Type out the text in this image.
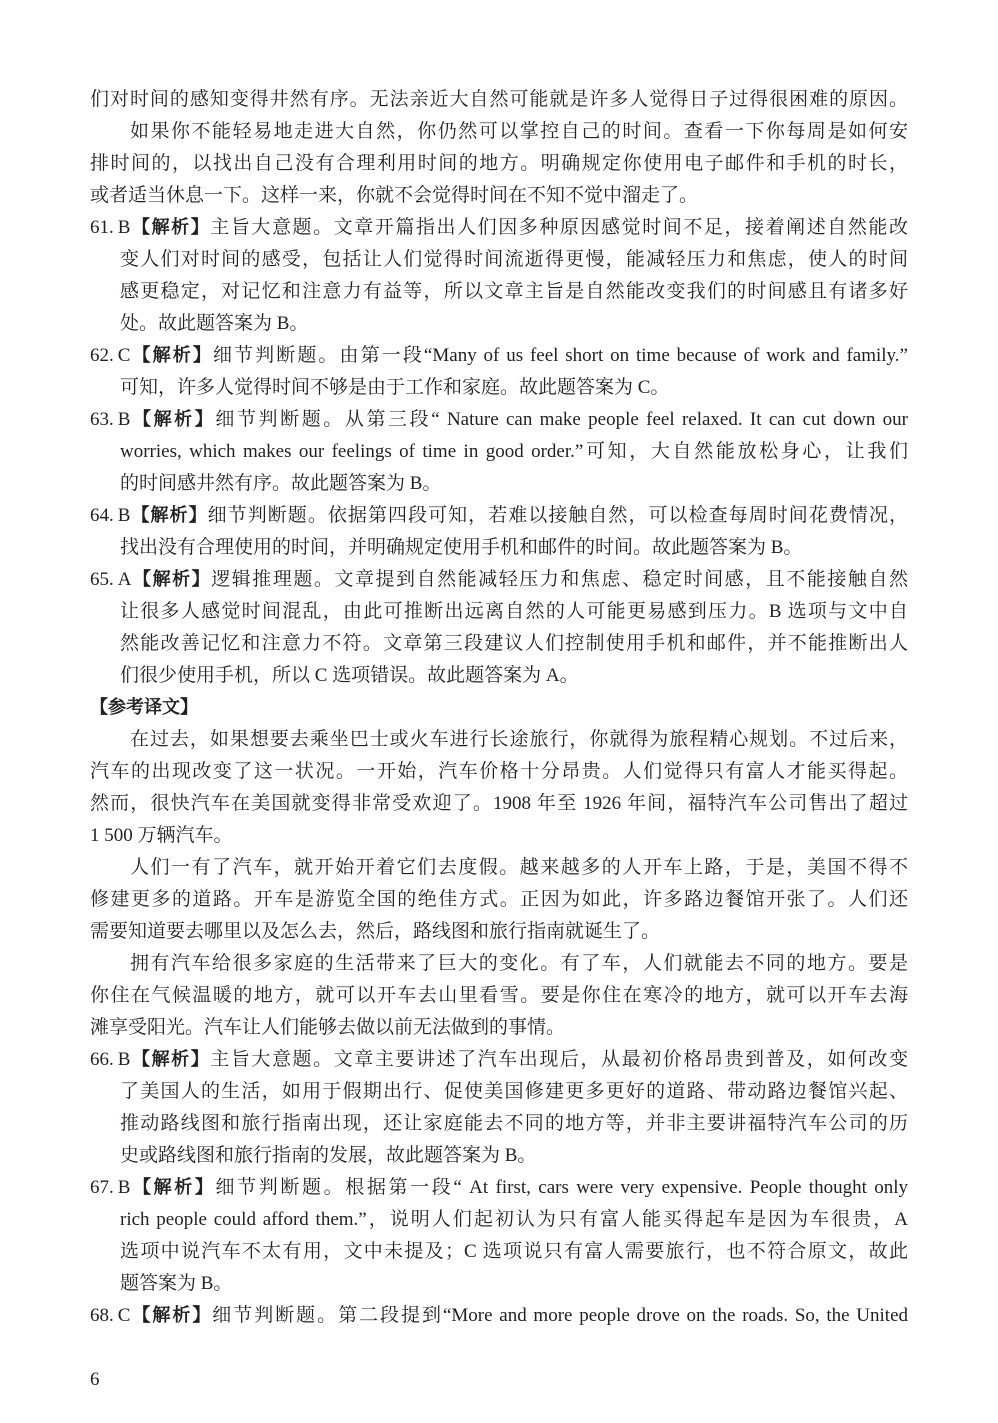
们对时间的感知变得井然有序。无法亲近大自然可能就是许多人觉得日子过得很困难的原因。
如果你不能轻易地走进大自然，你仍然可以掌控自己的时间。查看一下你每周是如何安
排时间的，以找出自己没有合理利用时间的地方。明确规定你使用电子邮件和手机的时长，
或者适当休息一下。这样一来，你就不会觉得时间在不知不觉中溜走了。
61. B【解析】主旨大意题。文章开篇指出人们因多种原因感觉时间不足，接着阐述自然能改
变人们对时间的感受，包括让人们觉得时间流逝得更慢，能减轻压力和焦虑，使人的时间
感更稳定，对记忆和注意力有益等，所以文章主旨是自然能改变我们的时间感且有诸多好
处。故此题答案为 B。
62. C【解析】细节判断题。由第一段“Many of us feel short on time because of work and family.”
可知，许多人觉得时间不够是由于工作和家庭。故此题答案为 C。
63. B【解析】细节判断题。从第三段“ Nature can make people feel relaxed. It can cut down our
worries, which makes our feelings of time in good order.”可知，大自然能放松身心，让我们
的时间感井然有序。故此题答案为 B。
64. B【解析】细节判断题。依据第四段可知，若难以接触自然，可以检查每周时间花费情况，
找出没有合理使用的时间，并明确规定使用手机和邮件的时间。故此题答案为 B。
65. A【解析】逻辑推理题。文章提到自然能减轻压力和焦虑、稳定时间感，且不能接触自然
让很多人感觉时间混乱，由此可推断出远离自然的人可能更易感到压力。B 选项与文中自
然能改善记忆和注意力不符。文章第三段建议人们控制使用手机和邮件，并不能推断出人
们很少使用手机，所以 C 选项错误。故此题答案为 A。
【参考译文】
在过去，如果想要去乘坐巴士或火车进行长途旅行，你就得为旅程精心规划。不过后来，
汽车的出现改变了这一状况。一开始，汽车价格十分昂贵。人们觉得只有富人才能买得起。
然而，很快汽车在美国就变得非常受欢迎了。1908 年至 1926 年间，福特汽车公司售出了超过
1 500 万辆汽车。
人们一有了汽车，就开始开着它们去度假。越来越多的人开车上路，于是，美国不得不
修建更多的道路。开车是游览全国的绝佳方式。正因为如此，许多路边餐馆开张了。人们还
需要知道要去哪里以及怎么去，然后，路线图和旅行指南就诞生了。
拥有汽车给很多家庭的生活带来了巨大的变化。有了车，人们就能去不同的地方。要是
你住在气候温暖的地方，就可以开车去山里看雪。要是你住在寒冷的地方，就可以开车去海
滩享受阳光。汽车让人们能够去做以前无法做到的事情。
66. B【解析】主旨大意题。文章主要讲述了汽车出现后，从最初价格昂贵到普及，如何改变
了美国人的生活，如用于假期出行、促使美国修建更多更好的道路、带动路边餐馆兴起、
推动路线图和旅行指南出现，还让家庭能去不同的地方等，并非主要讲福特汽车公司的历
史或路线图和旅行指南的发展，故此题答案为 B。
67. B【解析】细节判断题。根据第一段“ At first, cars were very expensive. People thought only
rich people could afford them.”，说明人们起初认为只有富人能买得起车是因为车很贵，A
选项中说汽车不太有用，文中未提及；C 选项说只有富人需要旅行，也不符合原文，故此
题答案为 B。
68. C【解析】细节判断题。第二段提到“More and more people drove on the roads. So, the United
6
